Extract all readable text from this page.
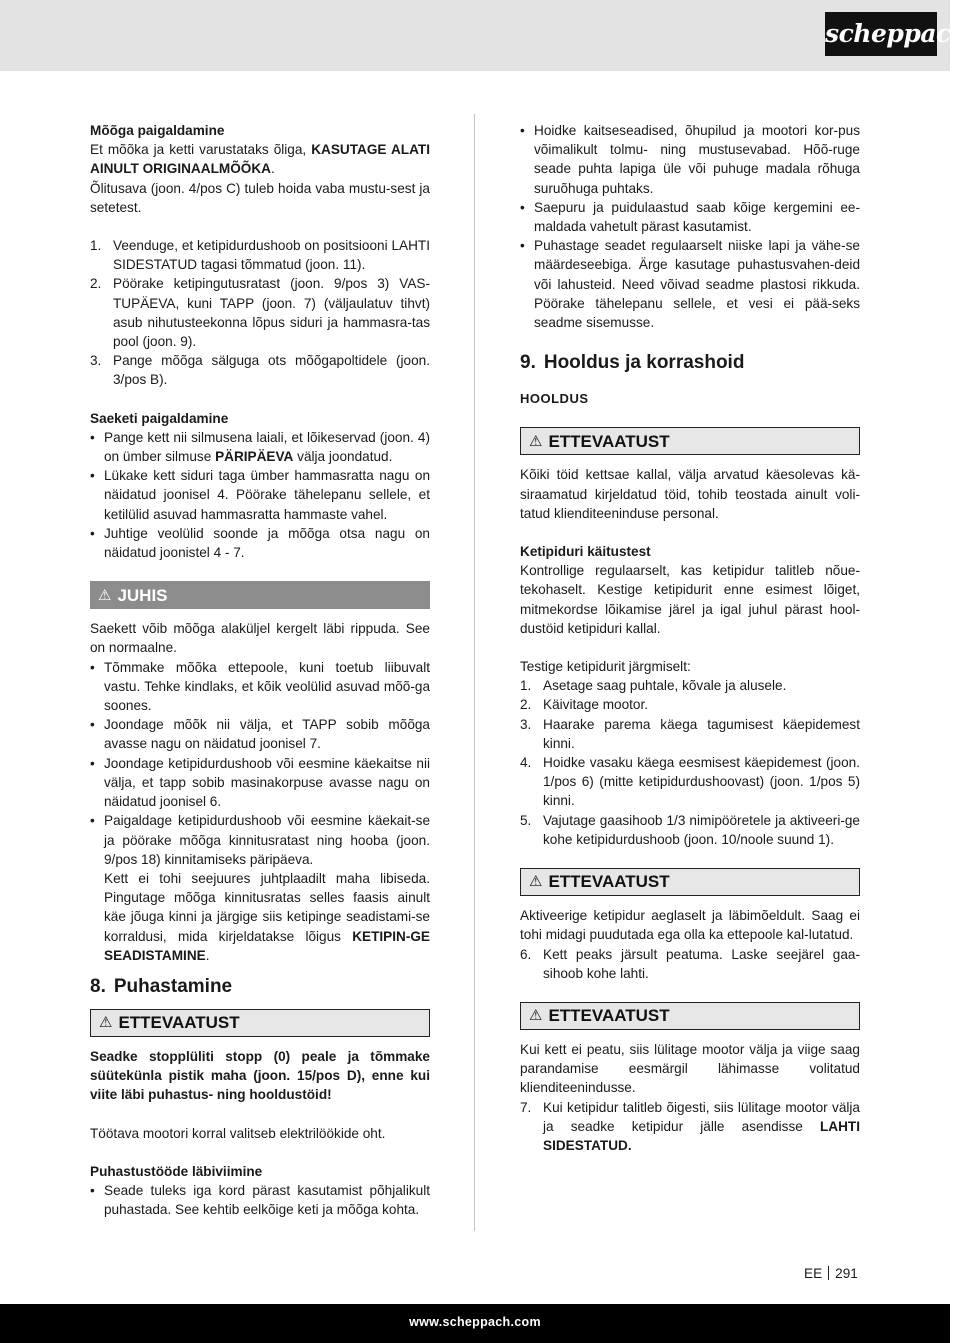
scheppach

Mõõga paigaldamine

Et mõõka ja ketti varustataks õliga, KASUTAGE ALATI AINULT ORIGINAALMÕÕKA.

Õlitusava (joon. 4/pos C) tuleb hoida vaba mustu-sest ja setetest.

1. Veenduge, et ketipidurdushoob on positsiooni LAHTI SIDESTATUD tagasi tõmmatud (joon. 11).
2. Pöörake ketipingutusratast (joon. 9/pos 3) VAS-TUPÄEVA, kuni TAPP (joon. 7) (väljaulatuv tihvt) asub nihutusteekonna lõpus siduri ja hammasra-tas pool (joon. 9).
3. Pange mõõga sälguga ots mõõgapoltidele (joon. 3/pos B).

Saeketi paigaldamine

• Pange kett nii silmusena laiali, et lõikeservad (joon. 4) on ümber silmuse PÄRIPÄEVA välja joondatud.
• Lükake kett siduri taga ümber hammasratta nagu on näidatud joonisel 4. Pöörake tähelepanu sellele, et ketilülid asuvad hammasratta hammaste vahel.
• Juhtige veolülid soonde ja mõõga otsa nagu on näidatud joonistel 4 - 7.
⚠ JUHIS

Saekett võib mõõga alaküljel kergelt läbi rippuda. See on normaalne.

• Tõmmake mõõka ettepoole, kuni toetub liibuvalt vastu. Tehke kindlaks, et kõik veolülid asuvad mõõ-ga soones.
• Joondage mõõk nii välja, et TAPP sobib mõõga avasse nagu on näidatud joonisel 7.
• Joondage ketipidurdushoob või eesmine käekaitse nii välja, et tapp sobib masinakorpuse avasse nagu on näidatud joonisel 6.
• Paigaldage ketipidurdushoob või eesmine käekait-se ja pöörake mõõga kinnitusratast ning hooba (joon. 9/pos 18) kinnitamiseks päripäeva.
Kett ei tohi seejuures juhtplaadilt maha libiseda. Pingutage mõõga kinnitusratas selles faasis ainult käe jõuga kinni ja järgige siis ketipinge seadistami-se korraldusi, mida kirjeldatakse lõigus KETIPIN-GE SEADISTAMINE.

8. Puhastamine

⚠ ETTEVAATUST

Seadke stopplüliti stopp (0) peale ja tõmmake süütekünla pistik maha (joon. 15/pos D), enne kui viite läbi puhastus- ning hooldustöid!

Töötava mootori korral valitseb elektrilöökide oht.

Puhastustööde läbiviimine

• Seade tuleks iga kord pärast kasutamist põhjalikult puhastada. See kehtib eelkõige keti ja mõõga kohta.
• Hoidke kaitseseadised, õhupilud ja mootori kor-pus võimalikult tolmu- ning mustusevabad. Hõõ-ruge seade puhta lapiga üle või puhuge madala rõhuga suruõhuga puhtaks.
• Saepuru ja puidulaastud saab kõige kergemini ee-maldada vahetult pärast kasutamist.
• Puhastage seadet regulaarselt niiske lapi ja vähe-se määrdeseebiga. Ärge kasutage puhastusvahen-deid või lahusteid. Need võivad seadme plastosi rikkuda. Pöörake tähelepanu sellele, et vesi ei pää-seks seadme sisemusse.

9. Hooldus ja korrashoid

HOOLDUS

⚠ ETTEVAATUST

Kõiki töid kettsae kallal, välja arvatud käesolevas kä-siraamatud kirjeldatud töid, tohib teostada ainult voli-tatud klienditeeninduse personal.

Ketipiduri käitustest

Kontrollige regulaarselt, kas ketipidur talitleb nõue-tekohaselt. Kestige ketipidurit enne esimest lõiget, mitmekordse lõikamise järel ja igal juhul pärast hool-dustöid ketipiduri kallal.

Testige ketipidurit järgmiselt:

1. Asetage saag puhtale, kõvale ja alusele.
2. Käivitage mootor.
3. Haarake parema käega tagumisest käepidemest kinni.
4. Hoidke vasaku käega eesmisest käepidemest (joon. 1/pos 6) (mitte ketipidurdushoovast) (joon. 1/pos 5) kinni.
5. Vajutage gaasihoob 1/3 nimipööretele ja aktiveeri-ge kohe ketipidurdushoob (joon. 10/noole suund 1).
⚠ ETTEVAATUST

Aktiveerige ketipidur aeglaselt ja läbimõeldult. Saag ei tohi midagi puudutada ega olla ka ettepoole kal-lutatud.

6. Kett peaks järsult peatuma. Laske seejärel gaa-sihoob kohe lahti.
⚠ ETTEVAATUST

Kui kett ei peatu, siis lülitage mootor välja ja viige saag parandamise eesmärgil lähimasse volitatud klienditeenindusse.

7. Kui ketipidur talitleb õigesti, siis lülitage mootor välja ja seadke ketipidur jälle asendisse LAHTI SIDESTATUD.
EE 291
www.scheppach.com
